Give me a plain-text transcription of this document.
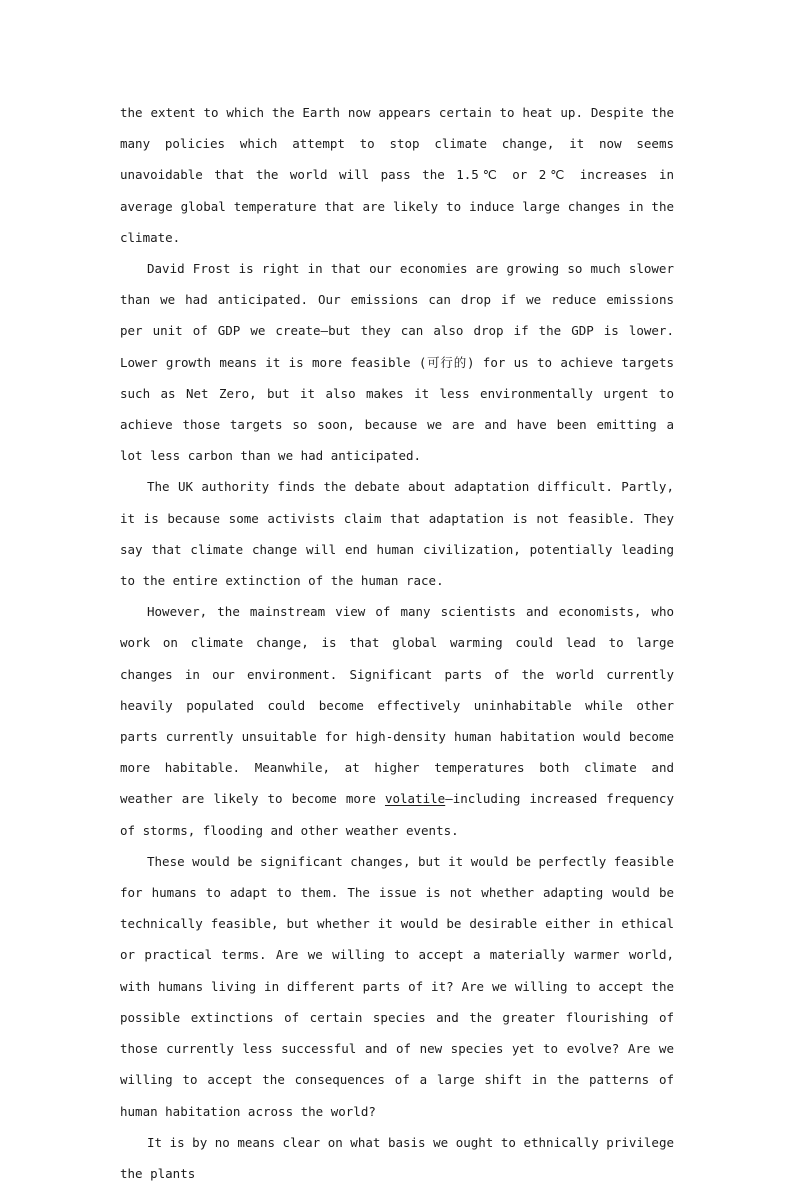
the extent to which the Earth now appears certain to heat up. Despite the many policies which attempt to stop climate change, it now seems unavoidable that the world will pass the 1.5℃ or 2℃ increases in average global temperature that are likely to induce large changes in the climate.

David Frost is right in that our economies are growing so much slower than we had anticipated. Our emissions can drop if we reduce emissions per unit of GDP we create—but they can also drop if the GDP is lower. Lower growth means it is more feasible (可行的) for us to achieve targets such as Net Zero, but it also makes it less environmentally urgent to achieve those targets so soon, because we are and have been emitting a lot less carbon than we had anticipated.

The UK authority finds the debate about adaptation difficult. Partly, it is because some activists claim that adaptation is not feasible. They say that climate change will end human civilization, potentially leading to the entire extinction of the human race.

However, the mainstream view of many scientists and economists, who work on climate change, is that global warming could lead to large changes in our environment. Significant parts of the world currently heavily populated could become effectively uninhabitable while other parts currently unsuitable for high-density human habitation would become more habitable. Meanwhile, at higher temperatures both climate and weather are likely to become more volatile—including increased frequency of storms, flooding and other weather events.

These would be significant changes, but it would be perfectly feasible for humans to adapt to them. The issue is not whether adapting would be technically feasible, but whether it would be desirable either in ethical or practical terms. Are we willing to accept a materially warmer world, with humans living in different parts of it? Are we willing to accept the possible extinctions of certain species and the greater flourishing of those currently less successful and of new species yet to evolve? Are we willing to accept the consequences of a large shift in the patterns of human habitation across the world?

It is by no means clear on what basis we ought to ethnically privilege the plants
